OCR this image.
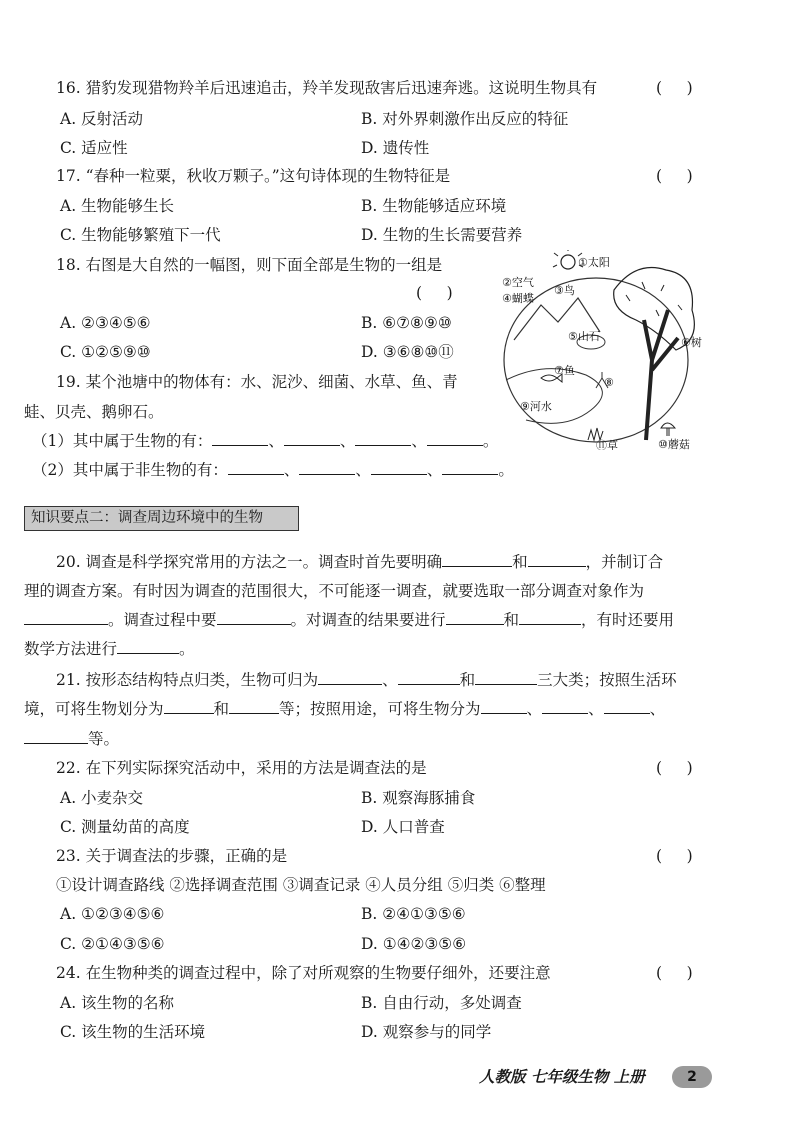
16. 猎豹发现猎物羚羊后迅速追击，羚羊发现敌害后迅速奔逃。这说明生物具有	(     )
A. 反射活动	B. 对外界刺激作出反应的特征
C. 适应性	D. 遗传性
17. “春种一粒粟，秋收万颗子。”这句诗体现的生物特征是	(     )
A. 生物能够生长	B. 生物能够适应环境
C. 生物能够繁殖下一代	D. 生物的生长需要营养
18. 右图是大自然的一幅图，则下面全部是生物的一组是
(     )
A. ②③④⑤⑥	B. ⑥⑦⑧⑨⑩
C. ①②⑤⑨⑩	D. ③⑥⑧⑩⑪
①太阳
②空气
③鸟
④蝴蝶
⑤山石	⑥树
⑦鱼
⑧
⑨河水
⑩蘑菇
⑪草
19. 某个池塘中的物体有：水、泥沙、细菌、水草、鱼、青
蛙、贝壳、鹅卵石。
（1）其中属于生物的有：	、	、	、	。
（2）其中属于非生物的有：	、	、	、	。
知识要点二：调查周边环境中的生物
20. 调查是科学探究常用的方法之一。调查时首先要明确	和	，并制订合
理的调查方案。有时因为调查的范围很大，不可能逐一调查，就要选取一部分调查对象作为
。调查过程中要	。对调查的结果要进行	和	，有时还要用
数学方法进行	。
21. 按形态结构特点归类，生物可归为	、	和	三大类；按照生活环
境，可将生物划分为	和	等；按照用途，可将生物分为	、	、	、
等。
22. 在下列实际探究活动中，采用的方法是调查法的是	(     )
A. 小麦杂交	B. 观察海豚捕食
C. 测量幼苗的高度	D. 人口普查
23. 关于调查法的步骤，正确的是	(     )
①设计调查路线 ②选择调查范围 ③调查记录 ④人员分组 ⑤归类 ⑥整理
A. ①②③④⑤⑥	B. ②④①③⑤⑥
C. ②①④③⑤⑥	D. ①④②③⑤⑥
24. 在生物种类的调查过程中，除了对所观察的生物要仔细外，还要注意	(     )
A. 该生物的名称	B. 自由行动，多处调查
C. 该生物的生活环境	D. 观察参与的同学
人教版 七年级生物 上册	2
